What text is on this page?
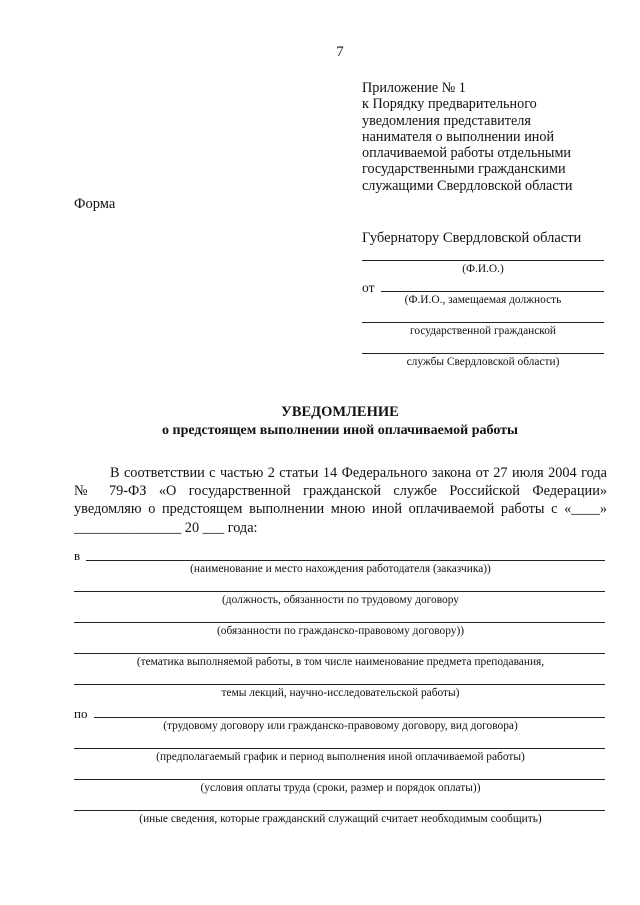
7
Приложение № 1
к Порядку предварительного
уведомления представителя
нанимателя о выполнении иной
оплачиваемой работы отдельными
государственными гражданскими
служащими Свердловской области
Форма
Губернатору Свердловской области
(Ф.И.О.)
от
(Ф.И.О., замещаемая должность
государственной гражданской
службы Свердловской области)
УВЕДОМЛЕНИЕ
о предстоящем выполнении иной оплачиваемой работы
В соответствии с частью 2 статьи 14 Федерального закона от 27 июля 2004 года № 79-ФЗ «О государственной гражданской службе Российской Федерации» уведомляю о предстоящем выполнении мною иной оплачиваемой работы с «____» _______________ 20 ___ года:
в
(наименование и место нахождения работодателя (заказчика))
(должность, обязанности по трудовому договору
(обязанности по гражданско-правовому договору))
(тематика выполняемой работы, в том числе наименование предмета преподавания,
темы лекций, научно-исследовательской работы)
по
(трудовому договору или гражданско-правовому договору, вид договора)
(предполагаемый график и период выполнения иной оплачиваемой работы)
(условия оплаты труда (сроки, размер и порядок оплаты))
(иные сведения, которые гражданский служащий считает необходимым сообщить)
